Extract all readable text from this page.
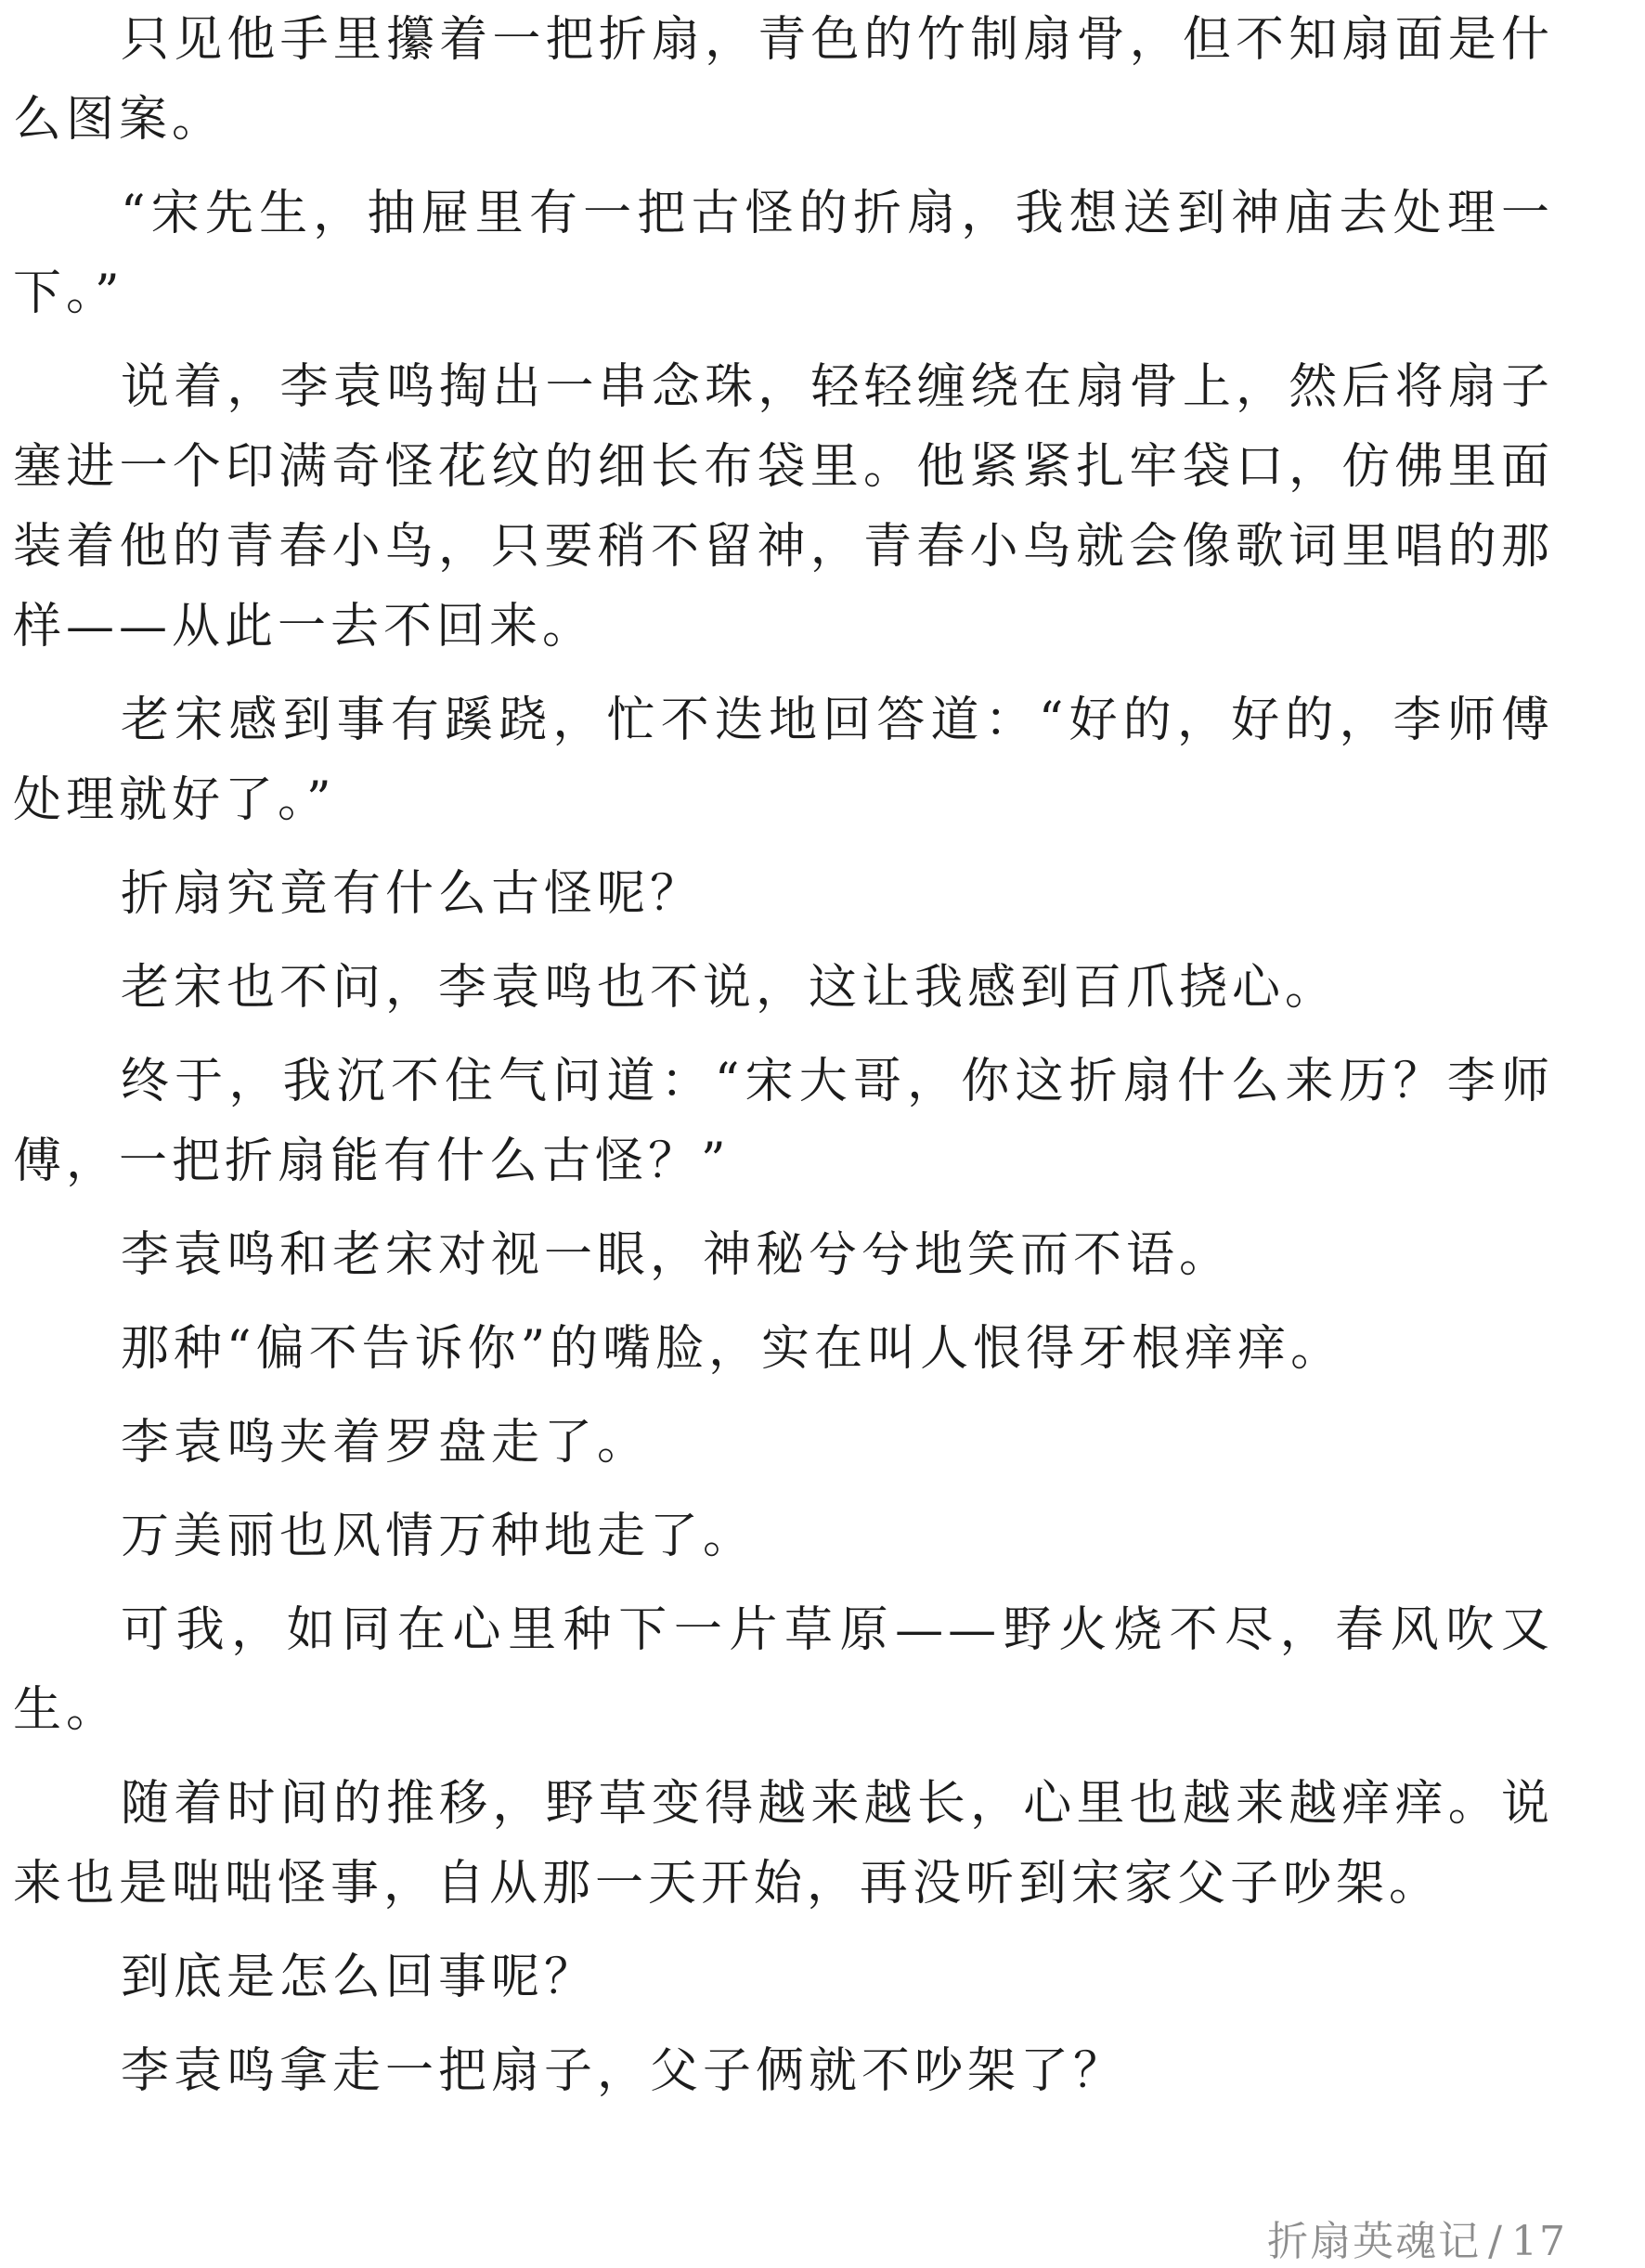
只见他手里攥着一把折扇，青色的竹制扇骨，但不知扇面是什么图案。

“宋先生，抽屉里有一把古怪的折扇，我想送到神庙去处理一下。”

说着，李袁鸣掏出一串念珠，轻轻缠绕在扇骨上，然后将扇子塞进一个印满奇怪花纹的细长布袋里。他紧紧扎牢袋口，仿佛里面装着他的青春小鸟，只要稍不留神，青春小鸟就会像歌词里唱的那样——从此一去不回来。

老宋感到事有蹊跷，忙不迭地回答道：“好的，好的，李师傅处理就好了。”

折扇究竟有什么古怪呢？

老宋也不问，李袁鸣也不说，这让我感到百爪挠心。

终于，我沉不住气问道：“宋大哥，你这折扇什么来历？李师傅，一把折扇能有什么古怪？”

李袁鸣和老宋对视一眼，神秘兮兮地笑而不语。

那种“偏不告诉你”的嘴脸，实在叫人恨得牙根痒痒。

李袁鸣夹着罗盘走了。

万美丽也风情万种地走了。

可我，如同在心里种下一片草原——野火烧不尽，春风吹又生。

随着时间的推移，野草变得越来越长，心里也越来越痒痒。说来也是咄咄怪事，自从那一天开始，再没听到宋家父子吵架。

到底是怎么回事呢？

李袁鸣拿走一把扇子，父子俩就不吵架了？

折扇英魂记 / 17
